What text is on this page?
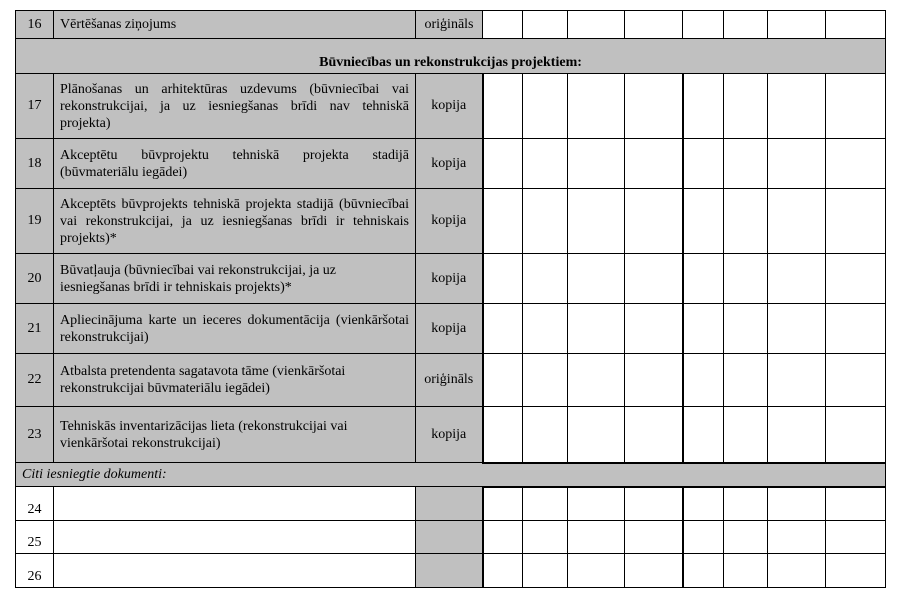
16	Vērtēšanas ziņojums	oriģināls								
Būvniecības un rekonstrukcijas projektiem:										
17	Plānošanas un arhitektūras uzdevums (būvniecībai vai rekonstrukcijai, ja uz iesniegšanas brīdi nav tehniskā projekta)	kopija								
18	Akceptētu būvprojektu tehniskā projekta stadijā (būvmateriālu iegādei)	kopija								
19	Akceptēts būvprojekts tehniskā projekta stadijā (būvniecībai vai rekonstrukcijai, ja uz iesniegšanas brīdi ir tehniskais projekts)*	kopija								
20	Būvatļauja (būvniecībai vai rekonstrukcijai, ja uz iesniegšanas brīdi ir tehniskais projekts)*	kopija								
21	Apliecinājuma karte un ieceres dokumentācija (vienkāršotai rekonstrukcijai)	kopija								
22	Atbalsta pretendenta sagatavota tāme (vienkāršotai rekonstrukcijai būvmateriālu iegādei)	oriģināls								
23	Tehniskās inventarizācijas lieta (rekonstrukcijai vai vienkāršotai rekonstrukcijai)	kopija								
Citi iesniegtie dokumenti:										
24										
25										
26										
